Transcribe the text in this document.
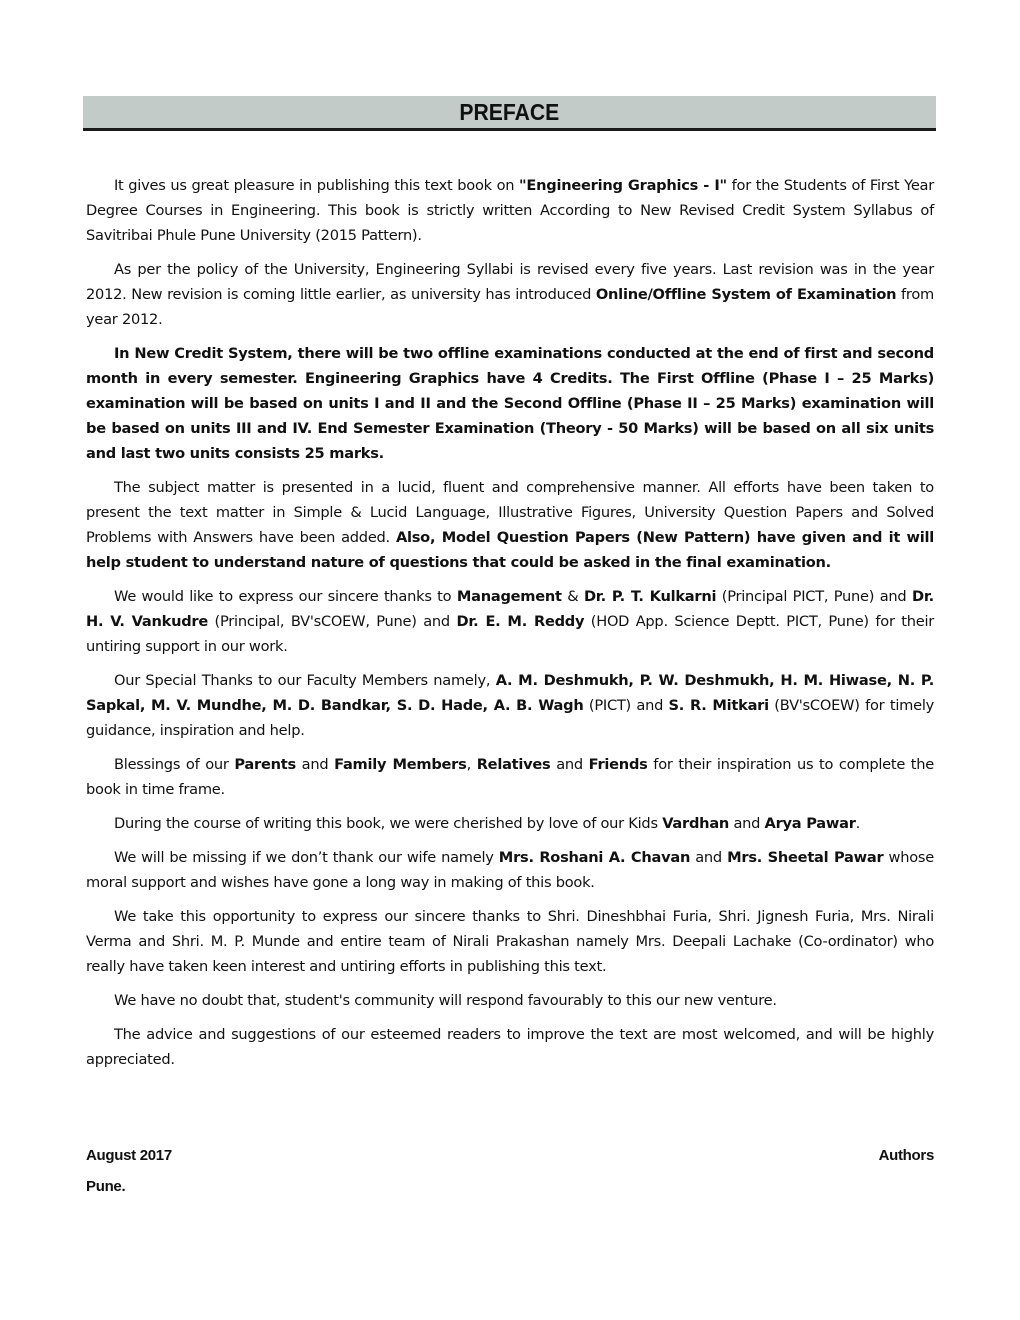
PREFACE

It gives us great pleasure in publishing this text book on "Engineering Graphics - I" for the Students of First Year Degree Courses in Engineering. This book is strictly written According to New Revised Credit System Syllabus of Savitribai Phule Pune University (2015 Pattern).

As per the policy of the University, Engineering Syllabi is revised every five years. Last revision was in the year 2012. New revision is coming little earlier, as university has introduced Online/Offline System of Examination from year 2012.

In New Credit System, there will be two offline examinations conducted at the end of first and second month in every semester. Engineering Graphics have 4 Credits. The First Offline (Phase I – 25 Marks) examination will be based on units I and II and the Second Offline (Phase II – 25 Marks) examination will be based on units III and IV. End Semester Examination (Theory - 50 Marks) will be based on all six units and last two units consists 25 marks.

The subject matter is presented in a lucid, fluent and comprehensive manner. All efforts have been taken to present the text matter in Simple & Lucid Language, Illustrative Figures, University Question Papers and Solved Problems with Answers have been added. Also, Model Question Papers (New Pattern) have given and it will help student to understand nature of questions that could be asked in the final examination.

We would like to express our sincere thanks to Management & Dr. P. T. Kulkarni (Principal PICT, Pune) and Dr. H. V. Vankudre (Principal, BV'sCOEW, Pune) and Dr. E. M. Reddy (HOD App. Science Deptt. PICT, Pune) for their untiring support in our work.

Our Special Thanks to our Faculty Members namely, A. M. Deshmukh, P. W. Deshmukh, H. M. Hiwase, N. P. Sapkal, M. V. Mundhe, M. D. Bandkar, S. D. Hade, A. B. Wagh (PICT) and S. R. Mitkari (BV'sCOEW) for timely guidance, inspiration and help.

Blessings of our Parents and Family Members, Relatives and Friends for their inspiration us to complete the book in time frame.

During the course of writing this book, we were cherished by love of our Kids Vardhan and Arya Pawar.

We will be missing if we don’t thank our wife namely Mrs. Roshani A. Chavan and Mrs. Sheetal Pawar whose moral support and wishes have gone a long way in making of this book.

We take this opportunity to express our sincere thanks to Shri. Dineshbhai Furia, Shri. Jignesh Furia, Mrs. Nirali Verma and Shri. M. P. Munde and entire team of Nirali Prakashan namely Mrs. Deepali Lachake (Co-ordinator) who really have taken keen interest and untiring efforts in publishing this text.

We have no doubt that, student's community will respond favourably to this our new venture.

The advice and suggestions of our esteemed readers to improve the text are most welcomed, and will be highly appreciated.

August 2017	Authors
Pune.
